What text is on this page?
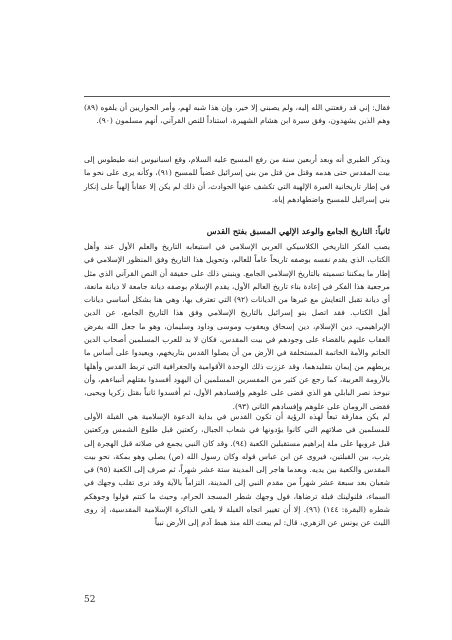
فقال: إني قد رفعتني الله إليه، ولم يصبني إلا خير، وإن هذا شبه لهم، وأمر الحواريين أن يلقوه (٨٩) وهم الذين يشهدون، وفق سيرة ابن هشام الشهيرة، استناداً للنص القرآني، أنهم مسلمون (٩٠).

ويذكر الطبري أنه وبعد أربعين سنة من رفع المسيح عليه السلام، وقع اسبانيوس ابنه طيطوس إلى بيت المقدس حتى هدمه وقتل من قتل من بني إسرائيل غضباً للمسيح (٩١)، وكأنه يرى على نحو ما في إطار تاريخانية العبرة الإلهية التي تكشف عنها الحوادث، أن ذلك لم يكن إلا عقاباً إلهياً على إنكار بني إسرائيل للمسيح واضطهادهم إياه.

ثانياً: التاريخ الجامع والوعد الإلهي المسبق بفتح القدس

يصب الفكر التاريخي الكلاسيكي العربي الإسلامي في استيعابه التاريخ والعلم الأول عند وأهل الكتاب، الذي يقدم نفسه بوصفه تاريخاً عاماً للعالم، وتحويل هذا التاريخ وفق المنظور الإسلامي في إطار ما يمكننا تسميته بالتاريخ الإسلامي الجامع. وينبني ذلك على حقيقة أن النص القرآني الذي مثل مرجعية هذا الفكر في إعادة بناء تاريخ العالم الأول، يقدم الإسلام بوصفه ديانة جامعة لا ديانة مانعة، أي ديانة تقبل التعايش مع غيرها من الديانات (٩٢) التي تعترف بها، وهي هنا بشكل أساسي ديانات أهل الكتاب. فقد اتصل بنو إسرائيل بالتاريخ الإسلامي وفق هذا التاريخ الجامع، عن الدين الإبراهيمي، دين الإسلام، دين إسحاق ويعقوب وموسى وداود وسليمان، وهو ما جعل الله يفرض العقاب عليهم بالقضاء على وجودهم في بيت المقدس، فكان لا بد للعرب المسلمين أصحاب الدين الخاتم والأمة الخاتمة المستخلفة في الأرض من أن يصلوا القدس بتاريخهم، ويعيدوا على أساس ما يربطهم من إيمان بتقليدهما، وقد عززت ذلك الوحدة الأقوامية والجغرافية التي تربط القدس وأهلها بالأرومة العربية، كما رجع عن كثير من المفسرين المسلمين أن اليهود أفسدوا بقتلهم أنبياءهم، وأن نبوخذ نصر البابلي هو الذي قضى على علوهم وإفسادهم الأول، ثم أفسدوا ثانياً بقتل زكريا ويحيى، فقضى الرومان على علوهم وإفسادهم الثاني (٩٣).

لم يكن مفارقة تبعاً لهذه الرؤية أن تكون القدس في بداية الدعوة الإسلامية هي القبلة الأولى للمسلمين في صلاتهم التي كانوا يؤدونها في شعاب الجبال، ركعتين قبل طلوع الشمس وركعتين قبل غروبها على ملة إبراهيم مستقبلين الكعبة (٩٤). وقد كان النبي يجمع في صلاته قبل الهجرة إلى يثرب، بين القبلتين، فيروى عن ابن عباس قوله وكان رسول الله (ص) يصلي وهو بمكة، نحو بيت المقدس والكعبة بين يديه. وبعدما هاجر إلى المدينة ستة عشر شهراً، ثم صرف إلى الكعبة (٩٥) في شعبان بعد سبعة عشر شهراً من مقدم النبي إلى المدينة، التزاماً بالآية وقد نرى تقلب وجهك في السماء، فلنولينك قبلة ترضاها، فول وجهك شطر المسجد الحرام، وحيث ما كنتم فولوا وجوهكم شطره (البقرة: ١٤٤) (٩٦). إلا أن تغيير اتجاه القبلة لا يلغي الذاكرة الإسلامية المقدسية، إذ روى الليث عن يونس عن الزهري، قال: لم يبعث الله منذ هبط آدم إلى الأرض نبياً

52
